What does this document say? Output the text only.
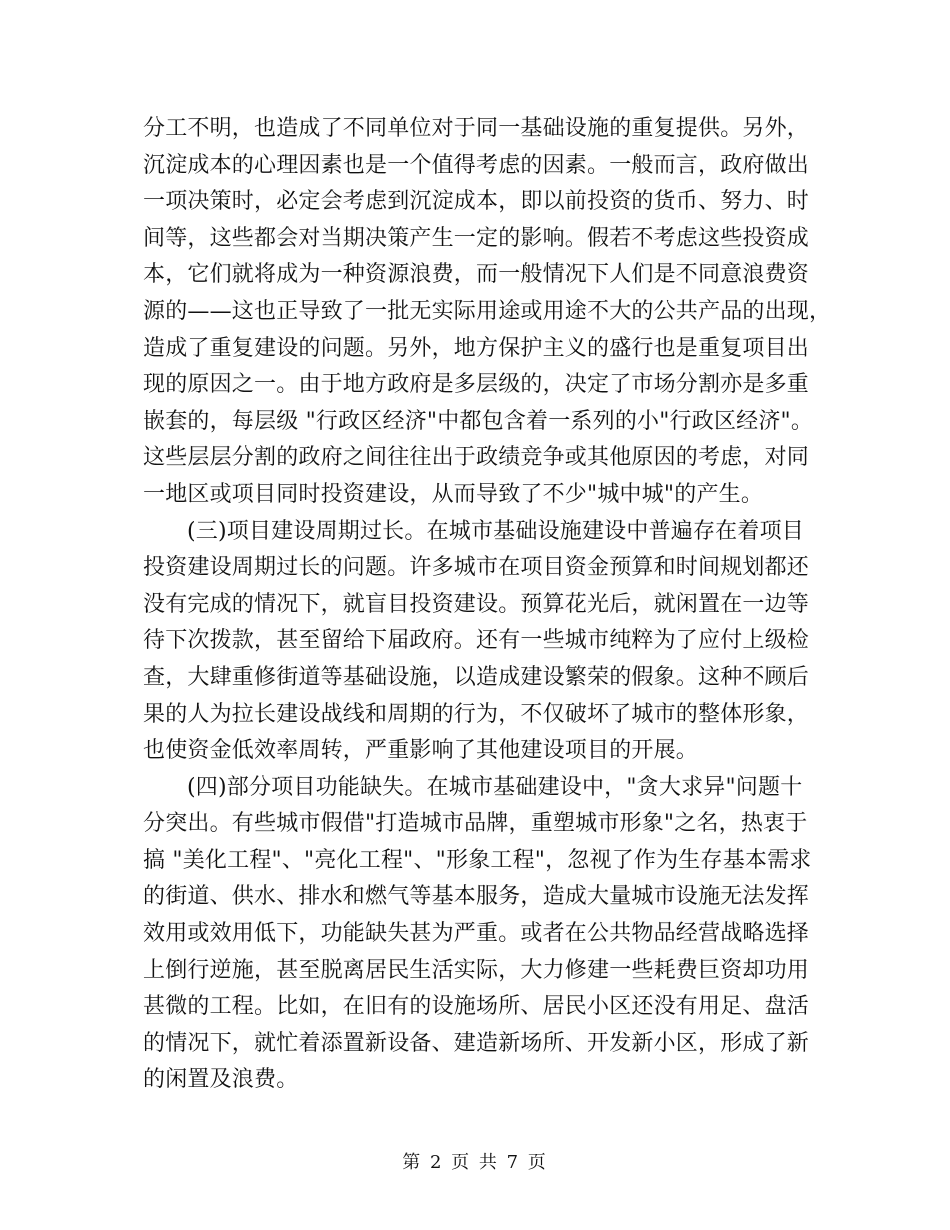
分工不明，也造成了不同单位对于同一基础设施的重复提供。另外，
沉淀成本的心理因素也是一个值得考虑的因素。一般而言，政府做出
一项决策时，必定会考虑到沉淀成本，即以前投资的货币、努力、时
间等，这些都会对当期决策产生一定的影响。假若不考虑这些投资成
本，它们就将成为一种资源浪费，而一般情况下人们是不同意浪费资
源的——这也正导致了一批无实际用途或用途不大的公共产品的出现，
造成了重复建设的问题。另外，地方保护主义的盛行也是重复项目出
现的原因之一。由于地方政府是多层级的，决定了市场分割亦是多重
嵌套的，每层级 "行政区经济"中都包含着一系列的小"行政区经济"。
这些层层分割的政府之间往往出于政绩竞争或其他原因的考虑，对同
一地区或项目同时投资建设，从而导致了不少"城中城"的产生。
(三)项目建设周期过长。在城市基础设施建设中普遍存在着项目
投资建设周期过长的问题。许多城市在项目资金预算和时间规划都还
没有完成的情况下，就盲目投资建设。预算花光后，就闲置在一边等
待下次拨款，甚至留给下届政府。还有一些城市纯粹为了应付上级检
查，大肆重修街道等基础设施，以造成建设繁荣的假象。这种不顾后
果的人为拉长建设战线和周期的行为，不仅破坏了城市的整体形象，
也使资金低效率周转，严重影响了其他建设项目的开展。
(四)部分项目功能缺失。在城市基础建设中，"贪大求异"问题十
分突出。有些城市假借"打造城市品牌，重塑城市形象"之名，热衷于
搞 "美化工程"、"亮化工程"、"形象工程"，忽视了作为生存基本需求
的街道、供水、排水和燃气等基本服务，造成大量城市设施无法发挥
效用或效用低下，功能缺失甚为严重。或者在公共物品经营战略选择
上倒行逆施，甚至脱离居民生活实际，大力修建一些耗费巨资却功用
甚微的工程。比如，在旧有的设施场所、居民小区还没有用足、盘活
的情况下，就忙着添置新设备、建造新场所、开发新小区，形成了新
的闲置及浪费。
第 2 页 共 7 页
